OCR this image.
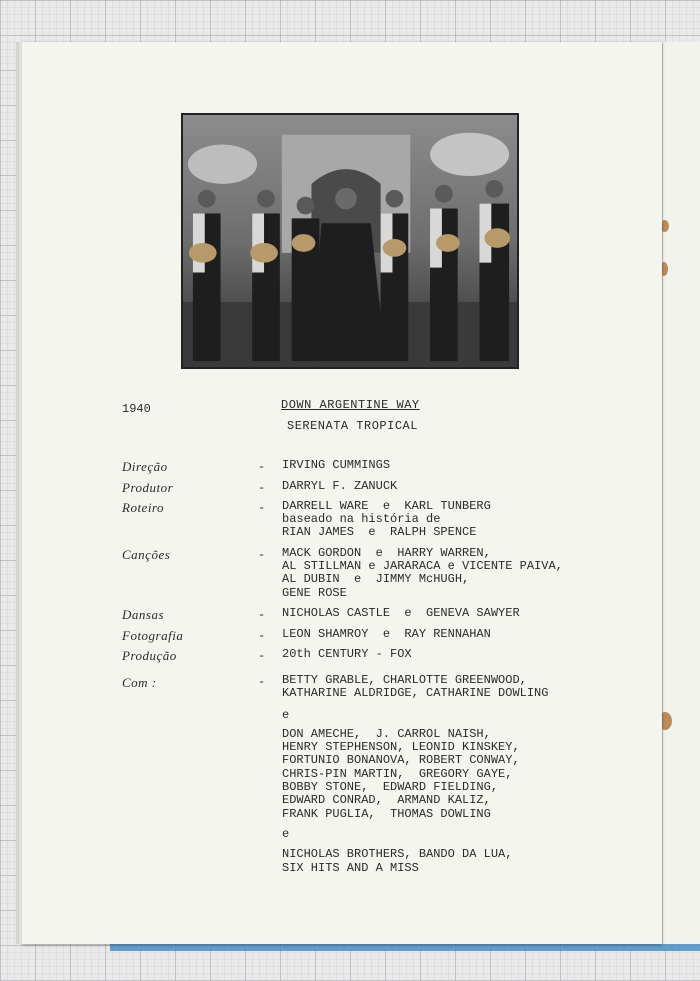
1940	DOWN ARGENTINE WAY
SERENATA TROPICAL
Direção	- IRVING CUMMINGS
Produtor	- DARRYL F. ZANUCK
Roteiro	- DARRELL WARE  e  KARL TUNBERG
baseado na história de
RIAN JAMES  e  RALPH SPENCE
Canções	- MACK GORDON  e  HARRY WARREN,
AL STILLMAN e JARARACA e VICENTE PAIVA,
AL DUBIN  e  JIMMY McHUGH,
GENE ROSE
Dansas	- NICHOLAS CASTLE  e  GENEVA SAWYER
Fotografia	- LEON SHAMROY  e  RAY RENNAHAN
Produção	- 20th CENTURY - FOX
Com :	- BETTY GRABLE, CHARLOTTE GREENWOOD,
KATHARINE ALDRIDGE, CATHARINE DOWLING
e
DON AMECHE,  J. CARROL NAISH,
HENRY STEPHENSON, LEONID KINSKEY,
FORTUNIO BONANOVA, ROBERT CONWAY,
CHRIS-PIN MARTIN,  GREGORY GAYE,
BOBBY STONE,  EDWARD FIELDING,
EDWARD CONRAD,  ARMAND KALIZ,
FRANK PUGLIA,  THOMAS DOWLING
e
NICHOLAS BROTHERS, BANDO DA LUA,
SIX HITS AND A MISS
